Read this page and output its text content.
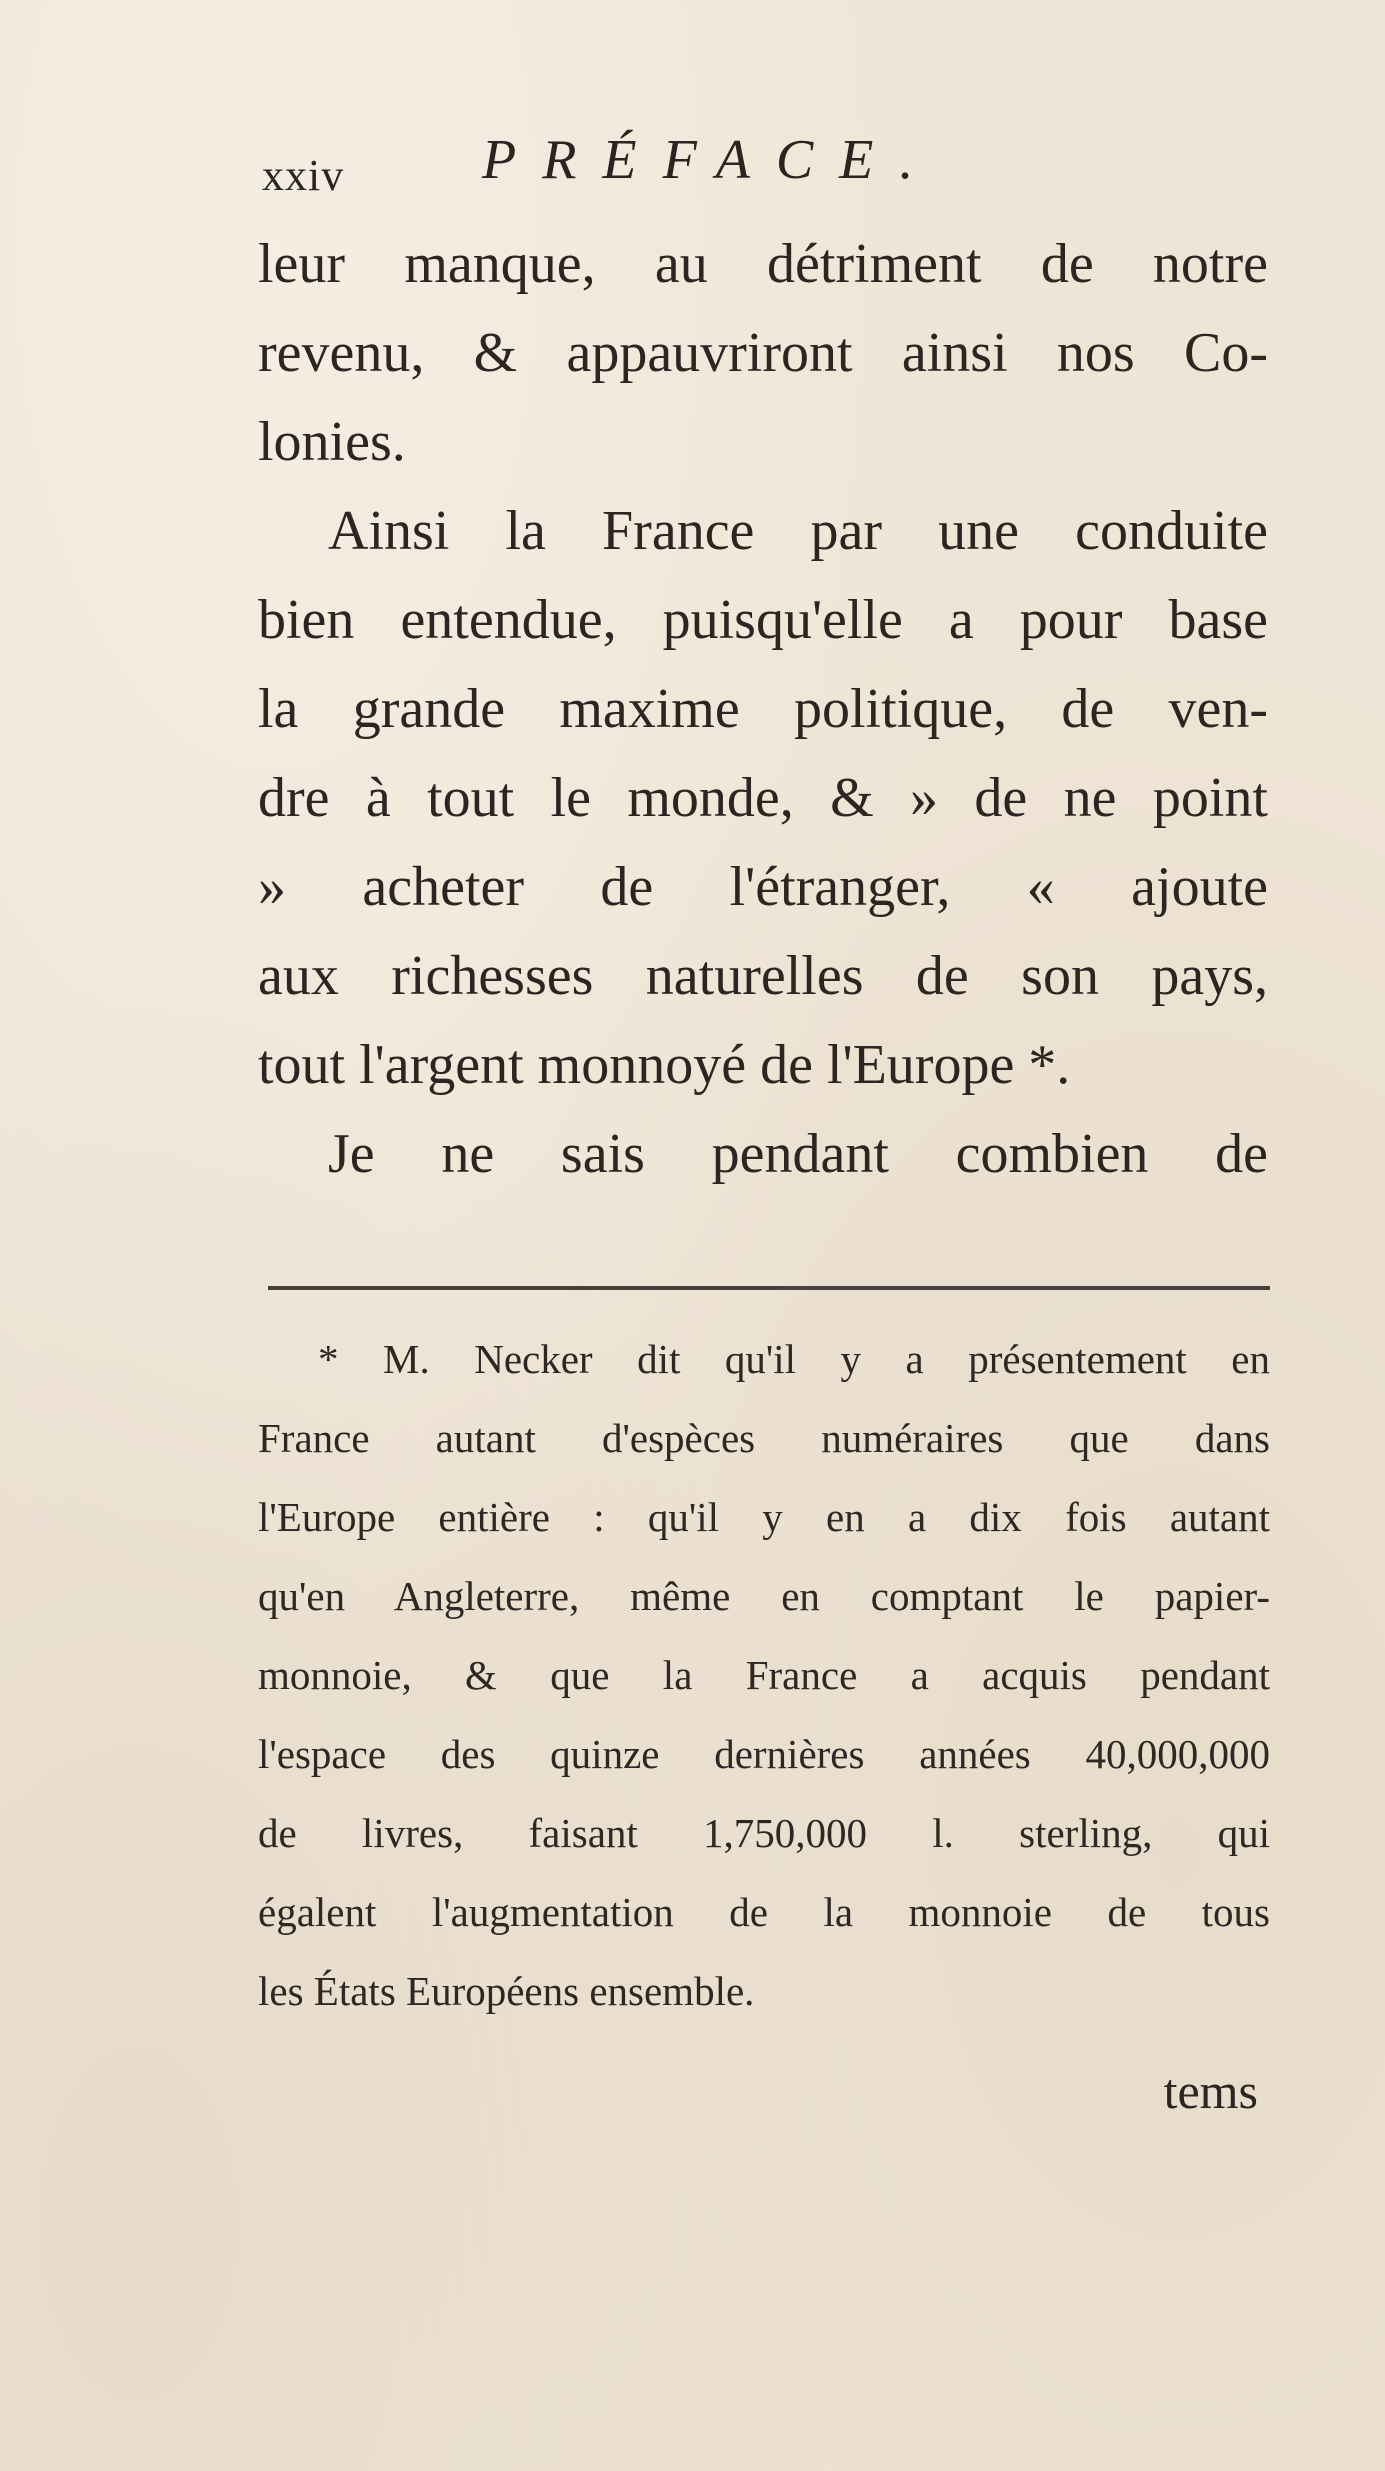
xxiv PRÉFACE.
leur manque, au détriment de notre
revenu, & appauvriront ainsi nos Co-
lonies.
Ainsi la France par une conduite
bien entendue, puisqu'elle a pour base
la grande maxime politique, de ven-
dre à tout le monde, & » de ne point
» acheter de l'étranger, « ajoute
aux richesses naturelles de son pays,
tout l'argent monnoyé de l'Europe *.
Je ne sais pendant combien de
* M. Necker dit qu'il y a présentement en
France autant d'espèces numéraires que dans
l'Europe entière : qu'il y en a dix fois autant
qu'en Angleterre, même en comptant le papier-
monnoie, & que la France a acquis pendant
l'espace des quinze dernières années 40,000,000
de livres, faisant 1,750,000 l. sterling, qui
égalent l'augmentation de la monnoie de tous
les États Européens ensemble.
tems
